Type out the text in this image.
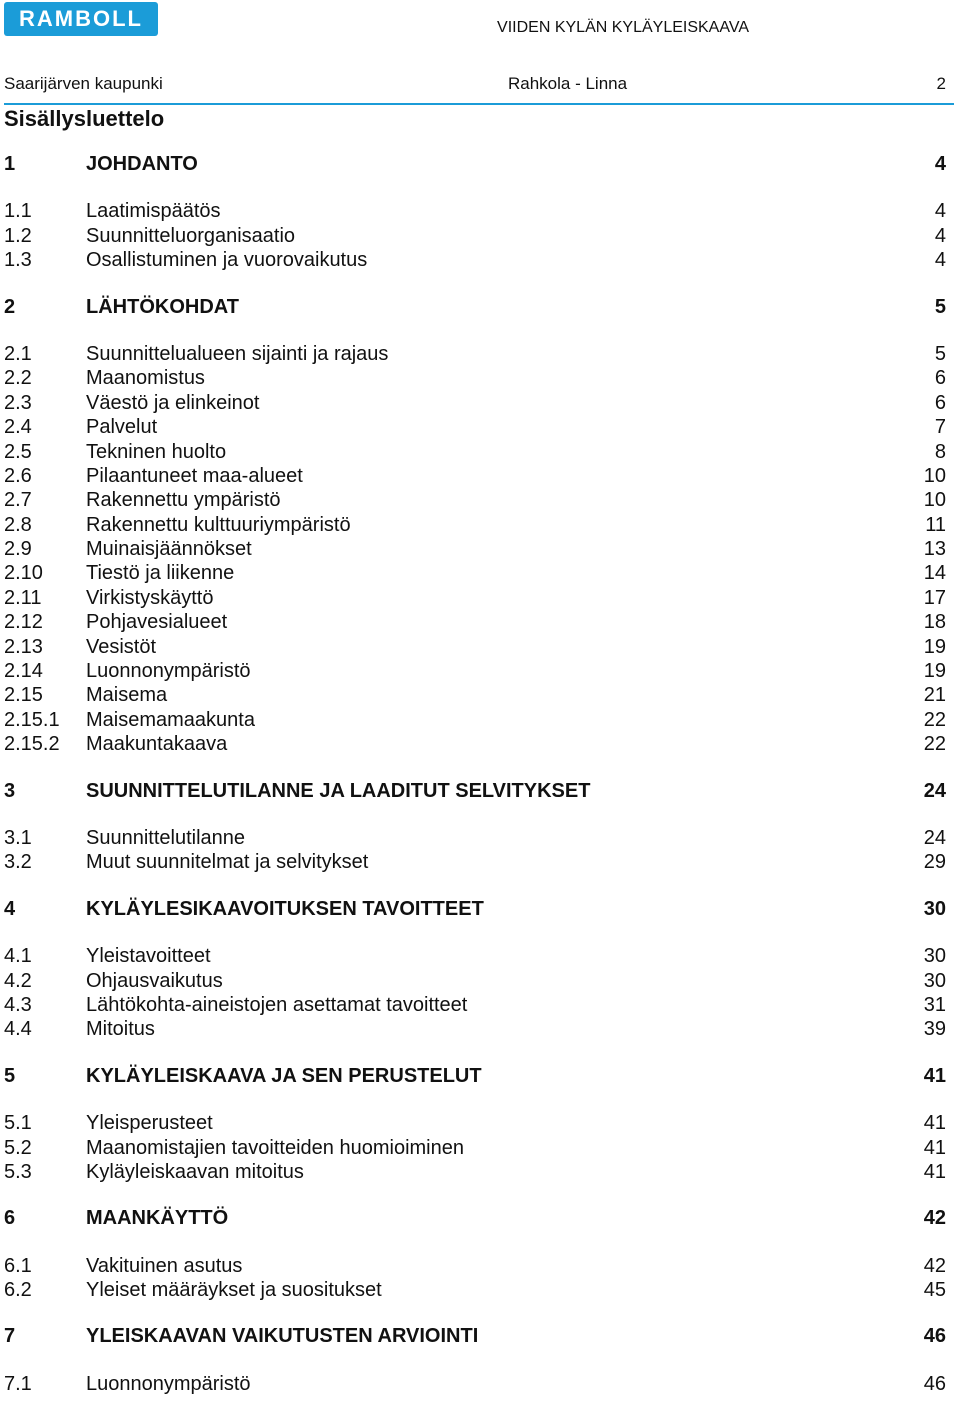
RAMBOLL	VIIDEN KYLÄN KYLÄYLEISKAAVA
Saarijärven kaupunki	Rahkola - Linna	2
Sisällysluettelo
1	JOHDANTO	4
1.1	Laatimispäätös	4
1.2	Suunnitteluorganisaatio	4
1.3	Osallistuminen ja vuorovaikutus	4
2	LÄHTÖKOHDAT	5
2.1	Suunnittelualueen sijainti ja rajaus	5
2.2	Maanomistus	6
2.3	Väestö ja elinkeinot	6
2.4	Palvelut	7
2.5	Tekninen huolto	8
2.6	Pilaantuneet maa-alueet	10
2.7	Rakennettu ympäristö	10
2.8	Rakennettu kulttuuriympäristö	11
2.9	Muinaisjäännökset	13
2.10 Tiestö ja liikenne	14
2.11 Virkistyskäyttö	17
2.12 Pohjavesialueet	18
2.13 Vesistöt	19
2.14 Luonnonympäristö	19
2.15 Maisema	21
2.15.1 Maisemamaakunta	22
2.15.2 Maakuntakaava	22
3	SUUNNITTELUTILANNE JA LAADITUT SELVITYKSET	24
3.1	Suunnittelutilanne	24
3.2	Muut suunnitelmat ja selvitykset	29
4	KYLÄYLESIKAAVOITUKSEN TAVOITTEET	30
4.1	Yleistavoitteet	30
4.2	Ohjausvaikutus	30
4.3	Lähtökohta-aineistojen asettamat tavoitteet	31
4.4	Mitoitus	39
5	KYLÄYLEISKAAVA JA SEN PERUSTELUT	41
5.1	Yleisperusteet	41
5.2	Maanomistajien tavoitteiden huomioiminen	41
5.3	Kyläyleiskaavan mitoitus	41
6	MAANKÄYTTÖ	42
6.1	Vakituinen asutus	42
6.2	Yleiset määräykset ja suositukset	45
7	YLEISKAAVAN VAIKUTUSTEN ARVIOINTI	46
7.1	Luonnonympäristö	46
